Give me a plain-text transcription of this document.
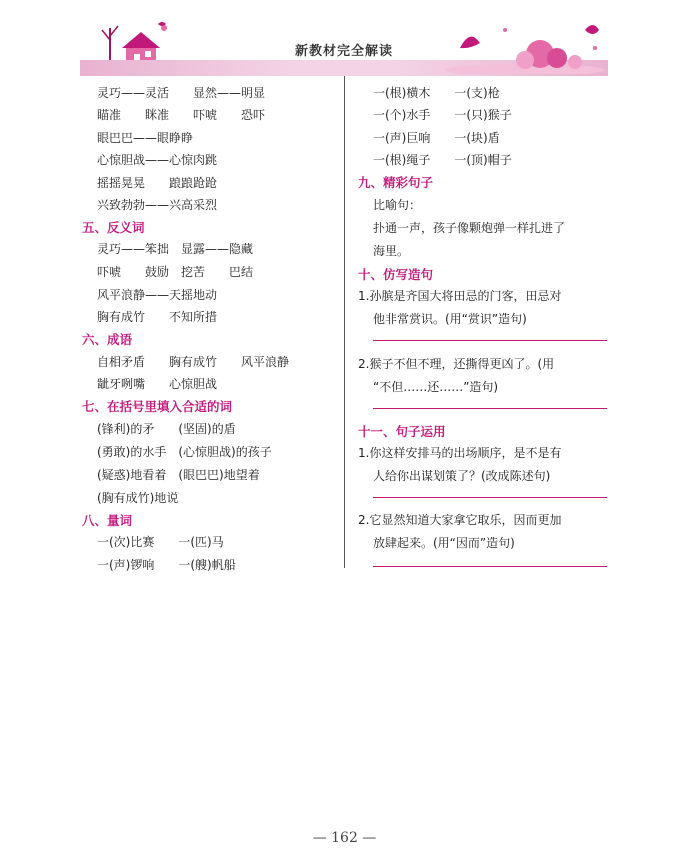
新教材完全解读
灵巧——灵活　　显然——明显
瞄准　　眯准　　吓唬　　恐吓
眼巴巴——眼睁睁
心惊胆战——心惊肉跳
摇摇晃晃　　踉踉跄跄
兴致勃勃——兴高采烈
五、反义词
灵巧——笨拙　显露——隐藏
吓唬　　鼓励　挖苦　　巴结
风平浪静——天摇地动
胸有成竹　　不知所措
六、成语
自相矛盾　　胸有成竹　　风平浪静
龇牙咧嘴　　心惊胆战
七、在括号里填入合适的词
(锋利)的矛　　(坚固)的盾
(勇敢)的水手　(心惊胆战)的孩子
(疑惑)地看着　(眼巴巴)地望着
(胸有成竹)地说
八、量词
一(次)比赛　　一(匹)马
一(声)锣响　　一(艘)帆船
一(根)横木　　一(支)枪
一(个)水手　　一(只)猴子
一(声)巨响　　一(块)盾
一(根)绳子　　一(顶)帽子
九、精彩句子
比喻句：
扑通一声，孩子像颗炮弹一样扎进了
海里。
十、仿写造句
1.孙膑是齐国大将田忌的门客，田忌对
他非常赏识。(用“赏识”造句)
2.猴子不但不理，还撕得更凶了。(用
“不但……还……”造句)
十一、句子运用
1.你这样安排马的出场顺序，是不是有
人给你出谋划策了？(改成陈述句)
2.它显然知道大家拿它取乐，因而更加
放肆起来。(用“因而”造句)
— 162 —
